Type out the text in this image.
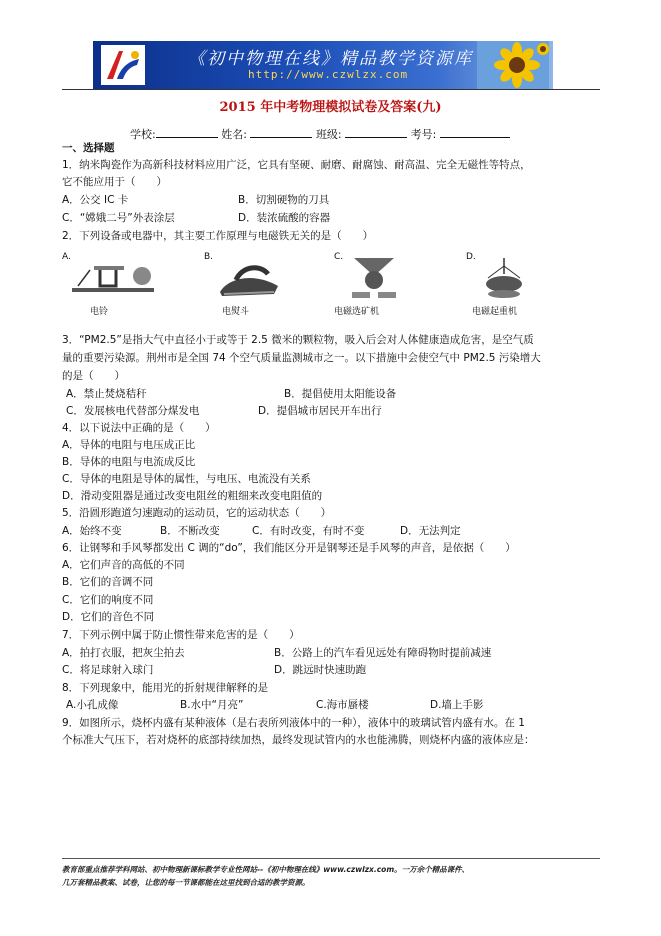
《初中物理在线》精品教学资源库
http://www.czwlzx.com
2015 年中考物理模拟试卷及答案(九)
学校:	姓名:	班级:	考号:
一、选择题
1．纳米陶瓷作为高新科技材料应用广泛，它具有坚硬、耐磨、耐腐蚀、耐高温、完全无磁性等特点，
它不能应用于（　　）
A．公交 IC 卡	B．切割硬物的刀具
C．“嫦娥二号”外表涂层	D．装浓硫酸的容器
2．下列设备或电器中，其主要工作原理与电磁铁无关的是（　　）
A.
电铃
B.
电熨斗
C.
电磁选矿机
D.
电磁起重机
3．“PM2.5”是指大气中直径小于或等于 2.5 微米的颗粒物，吸入后会对人体健康造成危害，是空气质
量的重要污染源。荆州市是全国 74 个空气质量监测城市之一。以下措施中会使空气中 PM2.5 污染增大
的是（　　）
A．禁止焚烧秸秆	B．提倡使用太阳能设备
C．发展核电代替部分煤发电	D．提倡城市居民开车出行
4．以下说法中正确的是（　　）
A．导体的电阻与电压成正比
B．导体的电阻与电流成反比
C．导体的电阻是导体的属性，与电压、电流没有关系
D．滑动变阻器是通过改变电阻丝的粗细来改变电阻值的
5．沿圆形跑道匀速跑动的运动员，它的运动状态（　　）
A．始终不变	B．不断改变	C．有时改变，有时不变	D．无法判定
6．让钢琴和手风琴都发出 C 调的“do”，我们能区分开是钢琴还是手风琴的声音，是依据（　　）
A．它们声音的高低的不同
B．它们的音调不同
C．它们的响度不同
D．它们的音色不同
7．下列示例中属于防止惯性带来危害的是（　　）
A．拍打衣服，把灰尘拍去	B．公路上的汽车看见远处有障碍物时提前减速
C．将足球射入球门	D．跳远时快速助跑
8．下列现象中，能用光的折射规律解释的是
A.小孔成像	B.水中“月亮”	C.海市蜃楼	D.墙上手影
9．如图所示，烧杯内盛有某种液体（是右表所列液体中的一种），液体中的玻璃试管内盛有水。在 1
个标准大气压下，若对烧杯的底部持续加热，最终发现试管内的水也能沸腾，则烧杯内盛的液体应是：
教育部重点推荐学科网站、初中物理新课标教学专业性网站--《初中物理在线》www.czwlzx.com。一万余个精品课件、
几万套精品教案、试卷，让您的每一节课都能在这里找到合适的教学资源。
